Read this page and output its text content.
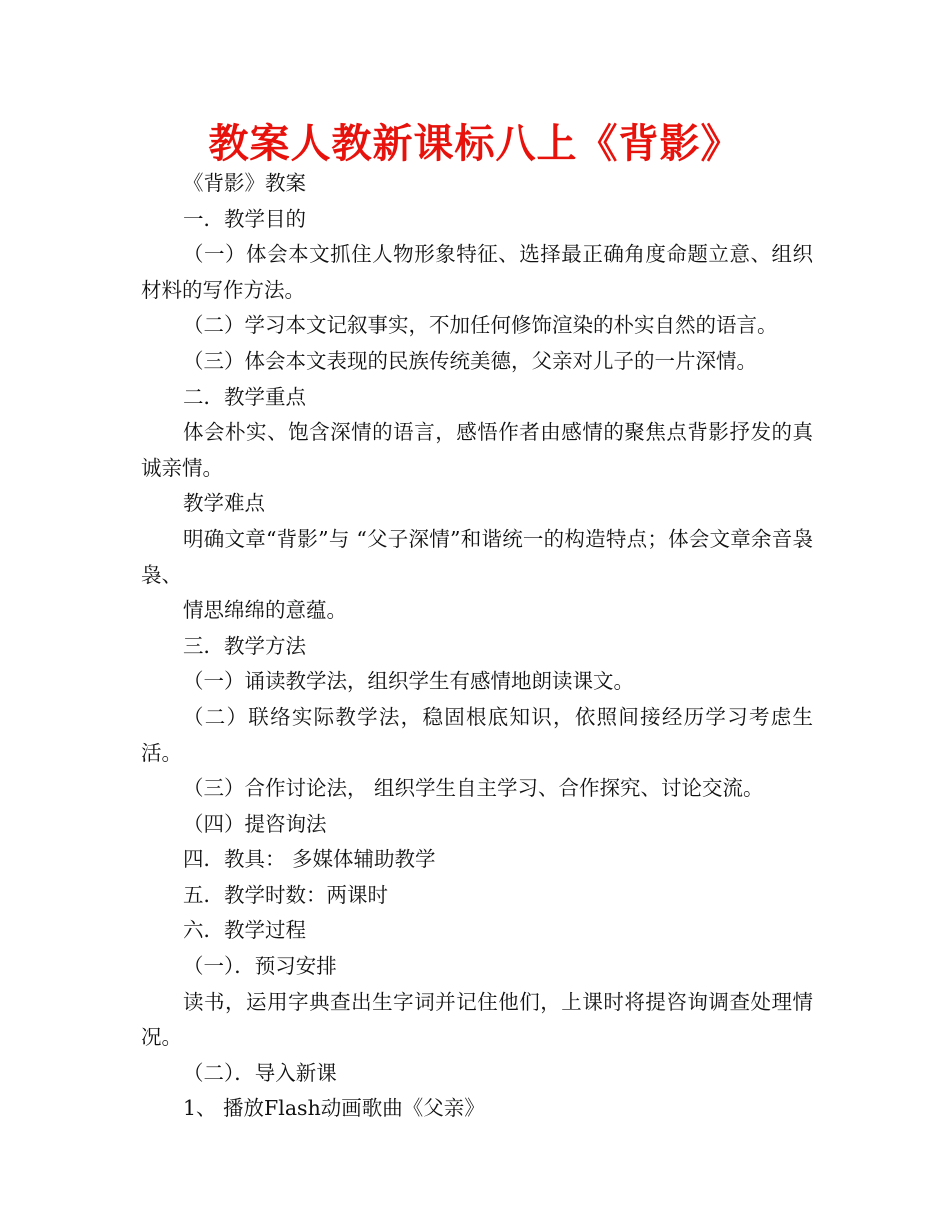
教案人教新课标八上《背影》

《背影》教案

一．教学目的

（一）体会本文抓住人物形象特征、选择最正确角度命题立意、组织材料的写作方法。

（二）学习本文记叙事实，不加任何修饰渲染的朴实自然的语言。

（三）体会本文表现的民族传统美德，父亲对儿子的一片深情。

二．教学重点

体会朴实、饱含深情的语言，感悟作者由感情的聚焦点背影抒发的真诚亲情。

教学难点

明确文章“背影”与 “父子深情”和谐统一的构造特点；体会文章余音袅袅、

情思绵绵的意蕴。

三．教学方法

（一）诵读教学法，组织学生有感情地朗读课文。

（二）联络实际教学法，稳固根底知识，依照间接经历学习考虑生活。

（三）合作讨论法， 组织学生自主学习、合作探究、讨论交流。

（四）提咨询法

四．教具： 多媒体辅助教学

五．教学时数：两课时

六．教学过程

（一）．预习安排

读书，运用字典查出生字词并记住他们，上课时将提咨询调查处理情况。

（二）．导入新课

1、 播放Flash动画歌曲《父亲》
